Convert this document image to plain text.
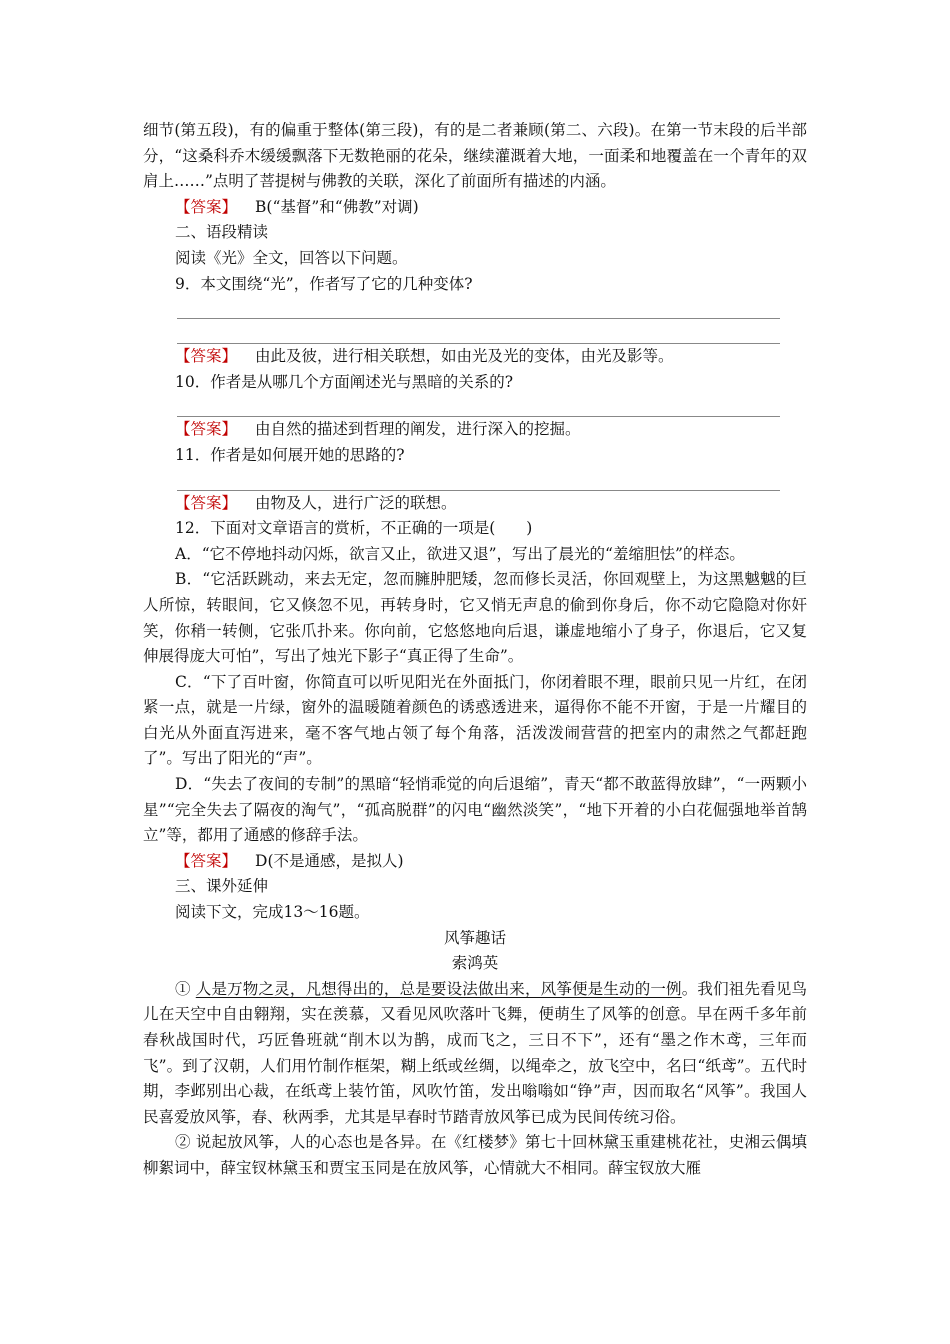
细节(第五段)，有的偏重于整体(第三段)，有的是二者兼顾(第二、六段)。在第一节末段的后半部分，“这桑科乔木缓缓飘落下无数艳丽的花朵，继续灌溉着大地，一面柔和地覆盖在一个青年的双肩上……”点明了菩提树与佛教的关联，深化了前面所有描述的内涵。

【答案】 B(“基督”和“佛教”对调)

二、语段精读

阅读《光》全文，回答以下问题。

9．本文围绕“光”，作者写了它的几种变体?

【答案】 由此及彼，进行相关联想，如由光及光的变体，由光及影等。

10．作者是从哪几个方面阐述光与黑暗的关系的?

【答案】 由自然的描述到哲理的阐发，进行深入的挖掘。

11．作者是如何展开她的思路的?

【答案】 由物及人，进行广泛的联想。

12．下面对文章语言的赏析，不正确的一项是(　　)

A．“它不停地抖动闪烁，欲言又止，欲进又退”，写出了晨光的“羞缩胆怯”的样态。

B．“它活跃跳动，来去无定，忽而臃肿肥矮，忽而修长灵活，你回观壁上，为这黑魆魆的巨人所惊，转眼间，它又倏忽不见，再转身时，它又悄无声息的偷到你身后，你不动它隐隐对你奸笑，你稍一转侧，它张爪扑来。你向前，它悠悠地向后退，谦虚地缩小了身子，你退后，它又复伸展得庞大可怕”，写出了烛光下影子“真正得了生命”。

C．“下了百叶窗，你简直可以听见阳光在外面抵门，你闭着眼不理，眼前只见一片红，在闭紧一点，就是一片绿，窗外的温暖随着颜色的诱惑透进来，逼得你不能不开窗，于是一片耀目的白光从外面直泻进来，毫不客气地占领了每个角落，活泼泼闹营营的把室内的肃然之气都赶跑了”。写出了阳光的“声”。

D．“失去了夜间的专制”的黑暗“轻悄乖觉的向后退缩”，青天“都不敢蓝得放肆”，“一两颗小星”“完全失去了隔夜的淘气”，“孤高脱群”的闪电“幽然淡笑”，“地下开着的小白花倔强地举首鹄立”等，都用了通感的修辞手法。

【答案】 D(不是通感，是拟人)

三、课外延伸

阅读下文，完成13～16题。

风筝趣话

索鸿英

① 人是万物之灵，凡想得出的，总是要设法做出来，风筝便是生动的一例。我们祖先看见鸟儿在天空中自由翱翔，实在羡慕，又看见风吹落叶飞舞，便萌生了风筝的创意。早在两千多年前春秋战国时代，巧匠鲁班就“削木以为鹊，成而飞之，三日不下”，还有“墨之作木鸢，三年而飞”。到了汉朝，人们用竹制作框架，糊上纸或丝绸，以绳牵之，放飞空中，名曰“纸鸢”。五代时期，李邺别出心裁，在纸鸢上装竹笛，风吹竹笛，发出嗡嗡如“铮”声，因而取名“风筝”。我国人民喜爱放风筝，春、秋两季，尤其是早春时节踏青放风筝已成为民间传统习俗。

② 说起放风筝，人的心态也是各异。在《红楼梦》第七十回林黛玉重建桃花社，史湘云偶填柳絮词中，薛宝钗林黛玉和贾宝玉同是在放风筝，心情就大不相同。薛宝钗放大雁
